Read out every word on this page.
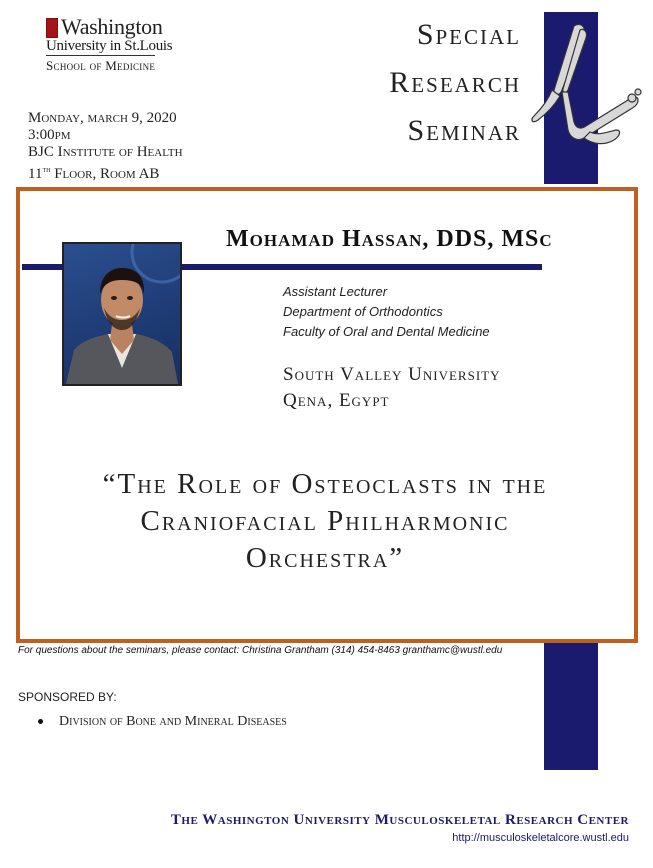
Washington
University in St.Louis
School of Medicine
Special
Research
Seminar
Monday, march 9, 2020
3:00pm
BJC Institute of Health
11th Floor, Room AB
Mohamad Hassan, DDS, MSc
Assistant Lecturer
Department of Orthodontics
Faculty of Oral and Dental Medicine
South Valley University
Qena, Egypt
“The Role of Osteoclasts in the
Craniofacial Philharmonic
Orchestra”
For questions about the seminars, please contact: Christina Grantham (314) 454-8463 granthamc@wustl.edu
SPONSORED BY:
Division of Bone and Mineral Diseases
The Washington University Musculoskeletal Research Center
http://musculoskeletalcore.wustl.edu
